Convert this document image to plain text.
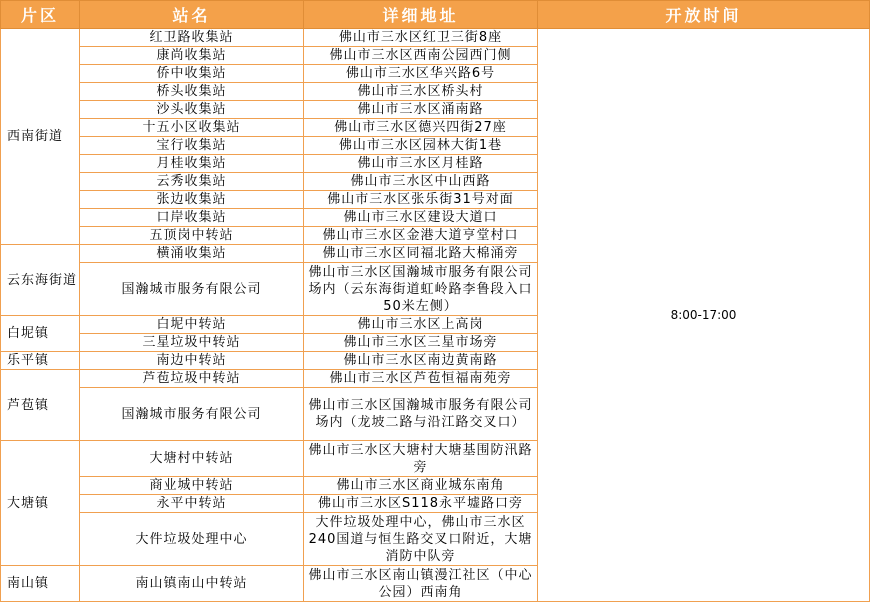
片区	站名	详细地址	开放时间
西南街道	红卫路收集站	佛山市三水区红卫三街8座	8:00-17:00
	康尚收集站	佛山市三水区西南公园西门侧	
	侨中收集站	佛山市三水区华兴路6号	
	桥头收集站	佛山市三水区桥头村	
	沙头收集站	佛山市三水区涌南路	
	十五小区收集站	佛山市三水区德兴四街27座	
	宝行收集站	佛山市三水区园林大街1巷	
	月桂收集站	佛山市三水区月桂路	
	云秀收集站	佛山市三水区中山西路	
	张边收集站	佛山市三水区张乐街31号对面	
	口岸收集站	佛山市三水区建设大道口	
	五顶岗中转站	佛山市三水区金港大道亨堂村口	
云东海街道	横涌收集站	佛山市三水区同福北路大棉涌旁	
	国瀚城市服务有限公司	佛山市三水区国瀚城市服务有限公司场内（云东海街道虹岭路李鲁段入口50米左侧）	
白坭镇	白坭中转站	佛山市三水区上高岗	
	三星垃圾中转站	佛山市三水区三星市场旁	
乐平镇	南边中转站	佛山市三水区南边黄南路	
芦苞镇	芦苞垃圾中转站	佛山市三水区芦苞恒福南苑旁	
	国瀚城市服务有限公司	佛山市三水区国瀚城市服务有限公司场内（龙坡二路与沿江路交叉口）	
大塘镇	大塘村中转站	佛山市三水区大塘村大塘基围防汛路旁	
	商业城中转站	佛山市三水区商业城东南角	
	永平中转站	佛山市三水区S118永平墟路口旁	
	大件垃圾处理中心	大件垃圾处理中心，佛山市三水区240国道与恒生路交叉口附近，大塘消防中队旁	
南山镇	南山镇南山中转站	佛山市三水区南山镇漫江社区（中心公园）西南角	
